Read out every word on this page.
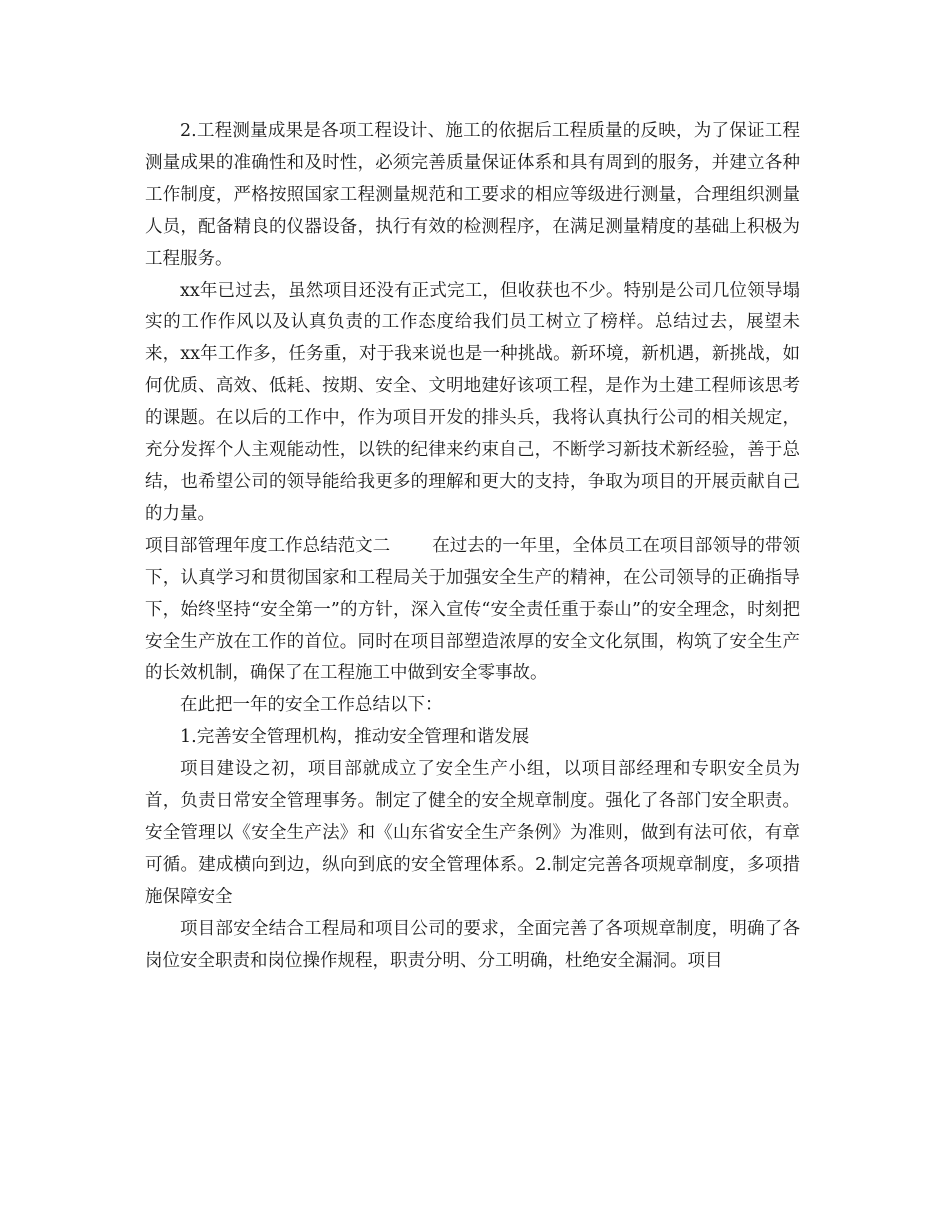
2.工程测量成果是各项工程设计、施工的依据后工程质量的反映，为了保证工程测量成果的准确性和及时性，必须完善质量保证体系和具有周到的服务，并建立各种工作制度，严格按照国家工程测量规范和工要求的相应等级进行测量，合理组织测量人员，配备精良的仪器设备，执行有效的检测程序，在满足测量精度的基础上积极为工程服务。

xx年已过去，虽然项目还没有正式完工，但收获也不少。特别是公司几位领导塌实的工作作风以及认真负责的工作态度给我们员工树立了榜样。总结过去，展望未来，xx年工作多，任务重，对于我来说也是一种挑战。新环境，新机遇，新挑战，如何优质、高效、低耗、按期、安全、文明地建好该项工程，是作为土建工程师该思考的课题。在以后的工作中，作为项目开发的排头兵，我将认真执行公司的相关规定，充分发挥个人主观能动性，以铁的纪律来约束自己，不断学习新技术新经验，善于总结，也希望公司的领导能给我更多的理解和更大的支持，争取为项目的开展贡献自己的力量。

项目部管理年度工作总结范文二 在过去的一年里，全体员工在项目部领导的带领下，认真学习和贯彻国家和工程局关于加强安全生产的精神，在公司领导的正确指导下，始终坚持“安全第一”的方针，深入宣传“安全责任重于泰山”的安全理念，时刻把安全生产放在工作的首位。同时在项目部塑造浓厚的安全文化氛围，构筑了安全生产的长效机制，确保了在工程施工中做到安全零事故。

在此把一年的安全工作总结以下：

1.完善安全管理机构，推动安全管理和谐发展

项目建设之初，项目部就成立了安全生产小组，以项目部经理和专职安全员为首，负责日常安全管理事务。制定了健全的安全规章制度。强化了各部门安全职责。安全管理以《安全生产法》和《山东省安全生产条例》为准则，做到有法可依，有章可循。建成横向到边，纵向到底的安全管理体系。2.制定完善各项规章制度，多项措施保障安全

项目部安全结合工程局和项目公司的要求，全面完善了各项规章制度，明确了各岗位安全职责和岗位操作规程，职责分明、分工明确，杜绝安全漏洞。项目
